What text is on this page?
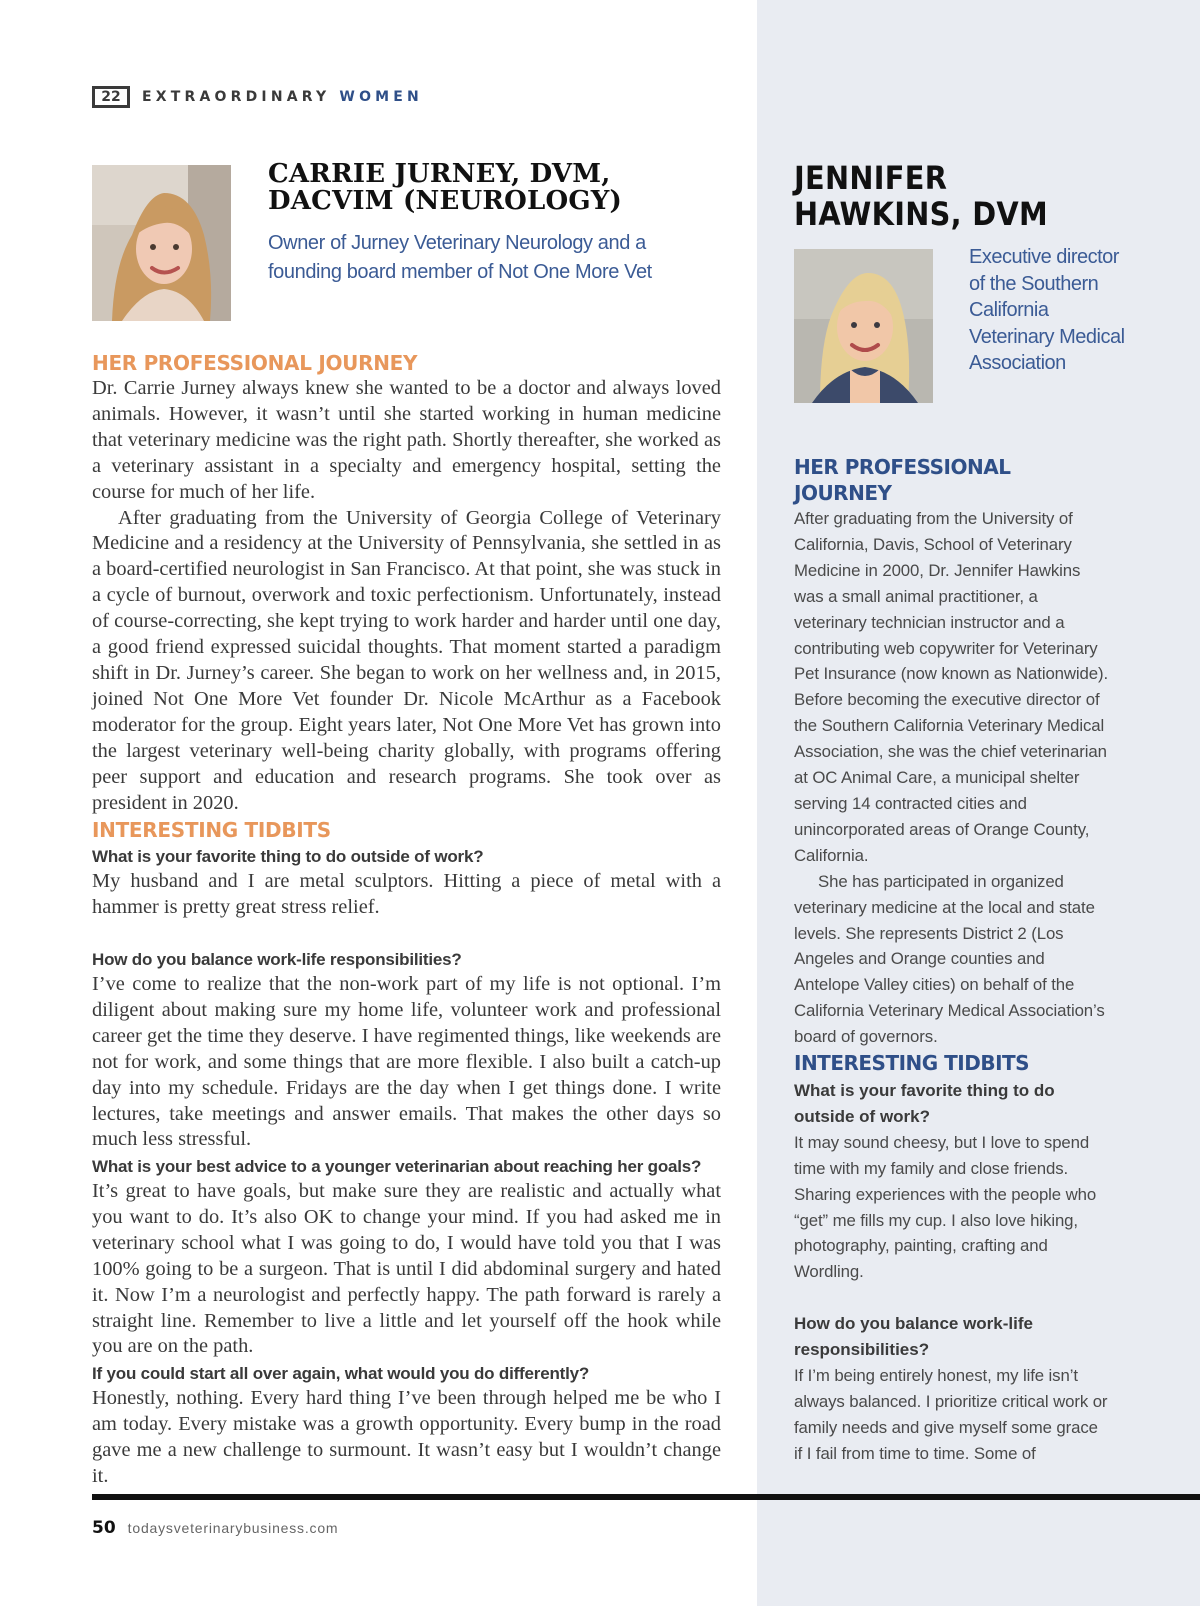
22	EXTRAORDINARY WOMEN
CARRIE JURNEY, DVM, DACVIM (NEUROLOGY)
Owner of Jurney Veterinary Neurology and a founding board member of Not One More Vet
HER PROFESSIONAL JOURNEY

Dr. Carrie Jurney always knew she wanted to be a doctor and always loved animals. However, it wasn’t until she started working in human medicine that veterinary medicine was the right path. Shortly thereafter, she worked as a veterinary assistant in a specialty and emergency hospital, setting the course for much of her life.

After graduating from the University of Georgia College of Veterinary Medicine and a residency at the University of Pennsylvania, she settled in as a board-certified neurologist in San Francisco. At that point, she was stuck in a cycle of burnout, overwork and toxic perfectionism. Unfortunately, instead of course-correcting, she kept trying to work harder and harder until one day, a good friend expressed suicidal thoughts. That moment started a paradigm shift in Dr. Jurney’s career. She began to work on her wellness and, in 2015, joined Not One More Vet founder Dr. Nicole McArthur as a Facebook moderator for the group. Eight years later, Not One More Vet has grown into the largest veterinary well-being charity globally, with programs offering peer support and education and research programs. She took over as president in 2020.

INTERESTING TIDBITS
What is your favorite thing to do outside of work?

My husband and I are metal sculptors. Hitting a piece of metal with a hammer is pretty great stress relief.

How do you balance work-life responsibilities?

I’ve come to realize that the non-work part of my life is not optional. I’m diligent about making sure my home life, volunteer work and professional career get the time they deserve. I have regimented things, like weekends are not for work, and some things that are more flexible. I also built a catch-up day into my schedule. Fridays are the day when I get things done. I write lectures, take meetings and answer emails. That makes the other days so much less stressful.

What is your best advice to a younger veterinarian about reaching her goals?

It’s great to have goals, but make sure they are realistic and actually what you want to do. It’s also OK to change your mind. If you had asked me in veterinary school what I was going to do, I would have told you that I was 100% going to be a surgeon. That is until I did abdominal surgery and hated it. Now I’m a neurologist and perfectly happy. The path forward is rarely a straight line. Remember to live a little and let yourself off the hook while you are on the path.

If you could start all over again, what would you do differently?

Honestly, nothing. Every hard thing I’ve been through helped me be who I am today. Every mistake was a growth opportunity. Every bump in the road gave me a new challenge to surmount. It wasn’t easy but I wouldn’t change it.

JENNIFER
HAWKINS, DVM
Executive director of the Southern California Veterinary Medical Association
HER PROFESSIONAL JOURNEY

After graduating from the University of California, Davis, School of Veterinary Medicine in 2000, Dr. Jennifer Hawkins was a small animal practitioner, a veterinary technician instructor and a contributing web copywriter for Veterinary Pet Insurance (now known as Nationwide). Before becoming the executive director of the Southern California Veterinary Medical Association, she was the chief veterinarian at OC Animal Care, a municipal shelter serving 14 contracted cities and unincorporated areas of Orange County, California.

She has participated in organized veterinary medicine at the local and state levels. She represents District 2 (Los Angeles and Orange counties and Antelope Valley cities) on behalf of the California Veterinary Medical Association’s board of governors.

INTERESTING TIDBITS
What is your favorite thing to do outside of work?

It may sound cheesy, but I love to spend time with my family and close friends. Sharing experiences with the people who “get” me fills my cup. I also love hiking, photography, painting, crafting and Wordling.

How do you balance work-life responsibilities?

If I’m being entirely honest, my life isn’t always balanced. I prioritize critical work or family needs and give myself some grace if I fail from time to time. Some of

50 todaysveterinarybusiness.com
